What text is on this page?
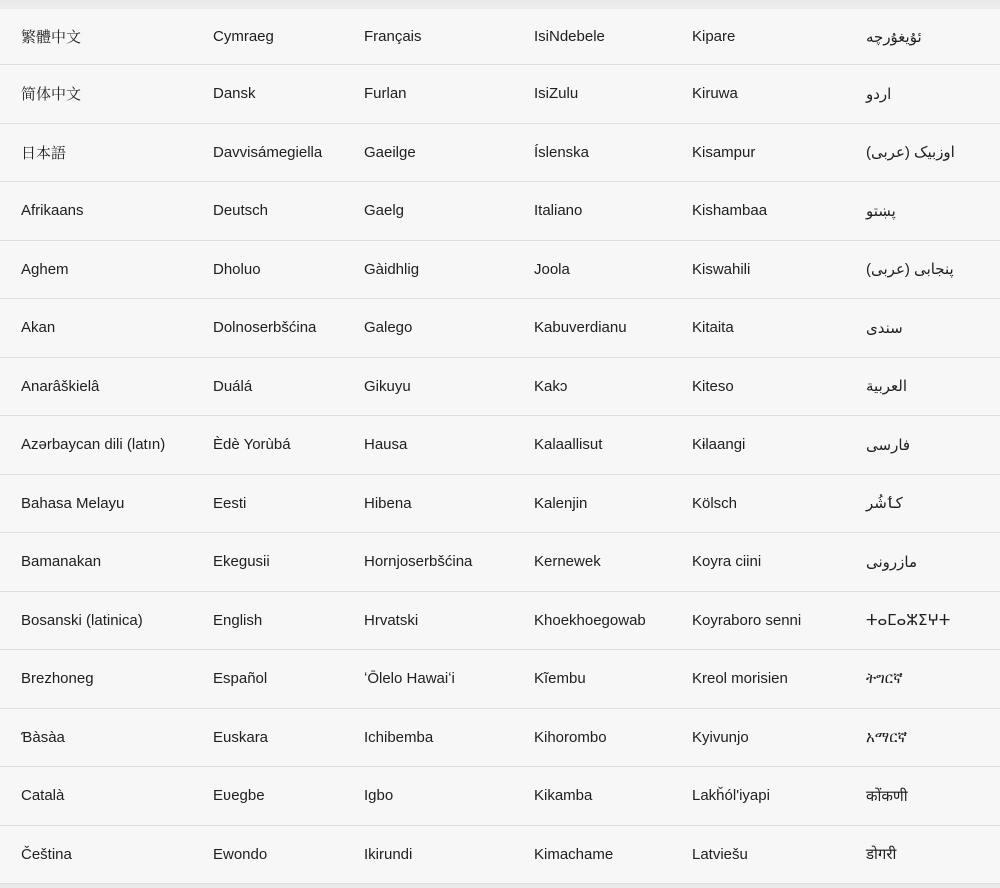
繁體中文	Cymraeg	Français	IsiNdebele	Kipare	ئۇيغۇرچە
简体中文	Dansk	Furlan	IsiZulu	Kiruwa	اردو
日本語	Davvisámegiella	Gaeilge	Íslenska	Kisampur	اوزبیک (عربی)
Afrikaans	Deutsch	Gaelg	Italiano	Kishambaa	پښتو
Aghem	Dholuo	Gàidhlig	Joola	Kiswahili	پنجابی (عربی)
Akan	Dolnoserbšćina	Galego	Kabuverdianu	Kitaita	سندی
Anarâškielâ	Duálá	Gikuyu	Kakɔ	Kiteso	العربية
Azərbaycan dili (latın)	Èdè Yorùbá	Hausa	Kalaallisut	Kɨlaangi	فارسی
Bahasa Melayu	Eesti	Hibena	Kalenjin	Kölsch	کٲشُر
Bamanakan	Ekegusii	Hornjoserbšćina	Kernewek	Koyra ciini	مازرونی
Bosanski (latinica)	English	Hrvatski	Khoekhoegowab	Koyraboro senni	ⵜⴰⵎⴰⵣⵉⵖⵜ
Brezhoneg	Español	ʻŌlelo Hawaiʻi	Kĩembu	Kreol morisien	ትግርኛ
Ɓàsàa	Euskara	Ichibemba	Kihorombo	Kyivunjo	አማርኛ
Català	Eʋegbe	Igbo	Kikamba	Lakȟól'iyapi	कोंकणी
Čeština	Ewondo	Ikirundi	Kimachame	Latviešu	डोगरी
